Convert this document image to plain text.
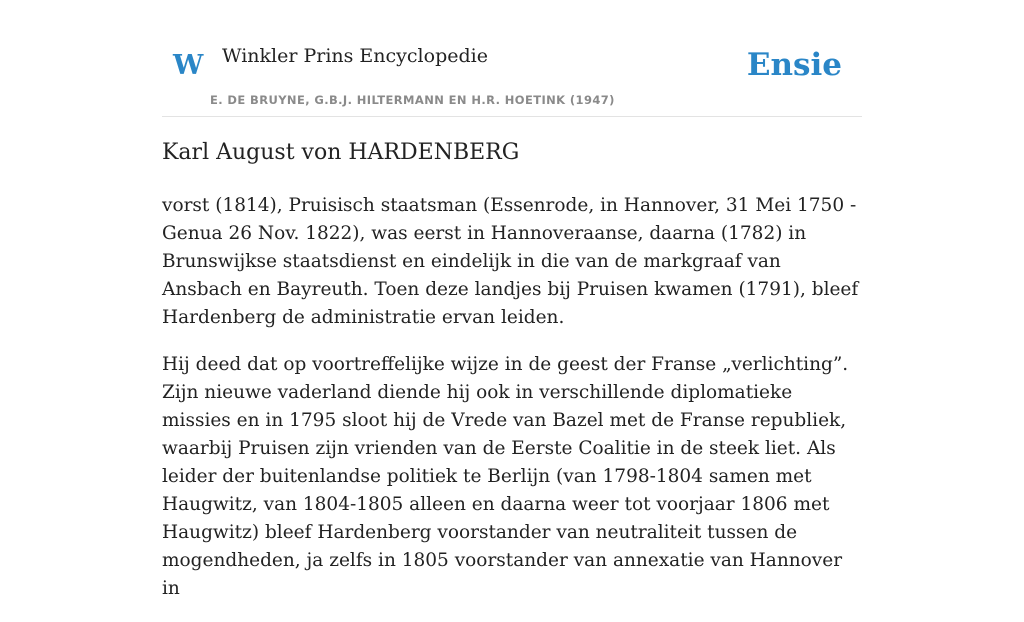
W Winkler Prins Encyclopedie
E. DE BRUYNE, G.B.J. HILTERMANN EN H.R. HOETINK (1947)
Ensie
Karl August von HARDENBERG

vorst (1814), Pruisisch staatsman (Essenrode, in Hannover, 31 Mei 1750 - Genua 26 Nov. 1822), was eerst in Hannoveraanse, daarna (1782) in Brunswijkse staatsdienst en eindelijk in die van de markgraaf van Ansbach en Bayreuth. Toen deze landjes bij Pruisen kwamen (1791), bleef Hardenberg de administratie ervan leiden.

Hij deed dat op voortreffelijke wijze in de geest der Franse „verlichting”. Zijn nieuwe vaderland diende hij ook in verschillende diplomatieke missies en in 1795 sloot hij de Vrede van Bazel met de Franse republiek, waarbij Pruisen zijn vrienden van de Eerste Coalitie in de steek liet. Als leider der buitenlandse politiek te Berlijn (van 1798-1804 samen met Haugwitz, van 1804-1805 alleen en daarna weer tot voorjaar 1806 met Haugwitz) bleef Hardenberg voorstander van neutraliteit tussen de mogendheden, ja zelfs in 1805 voorstander van annexatie van Hannover in
